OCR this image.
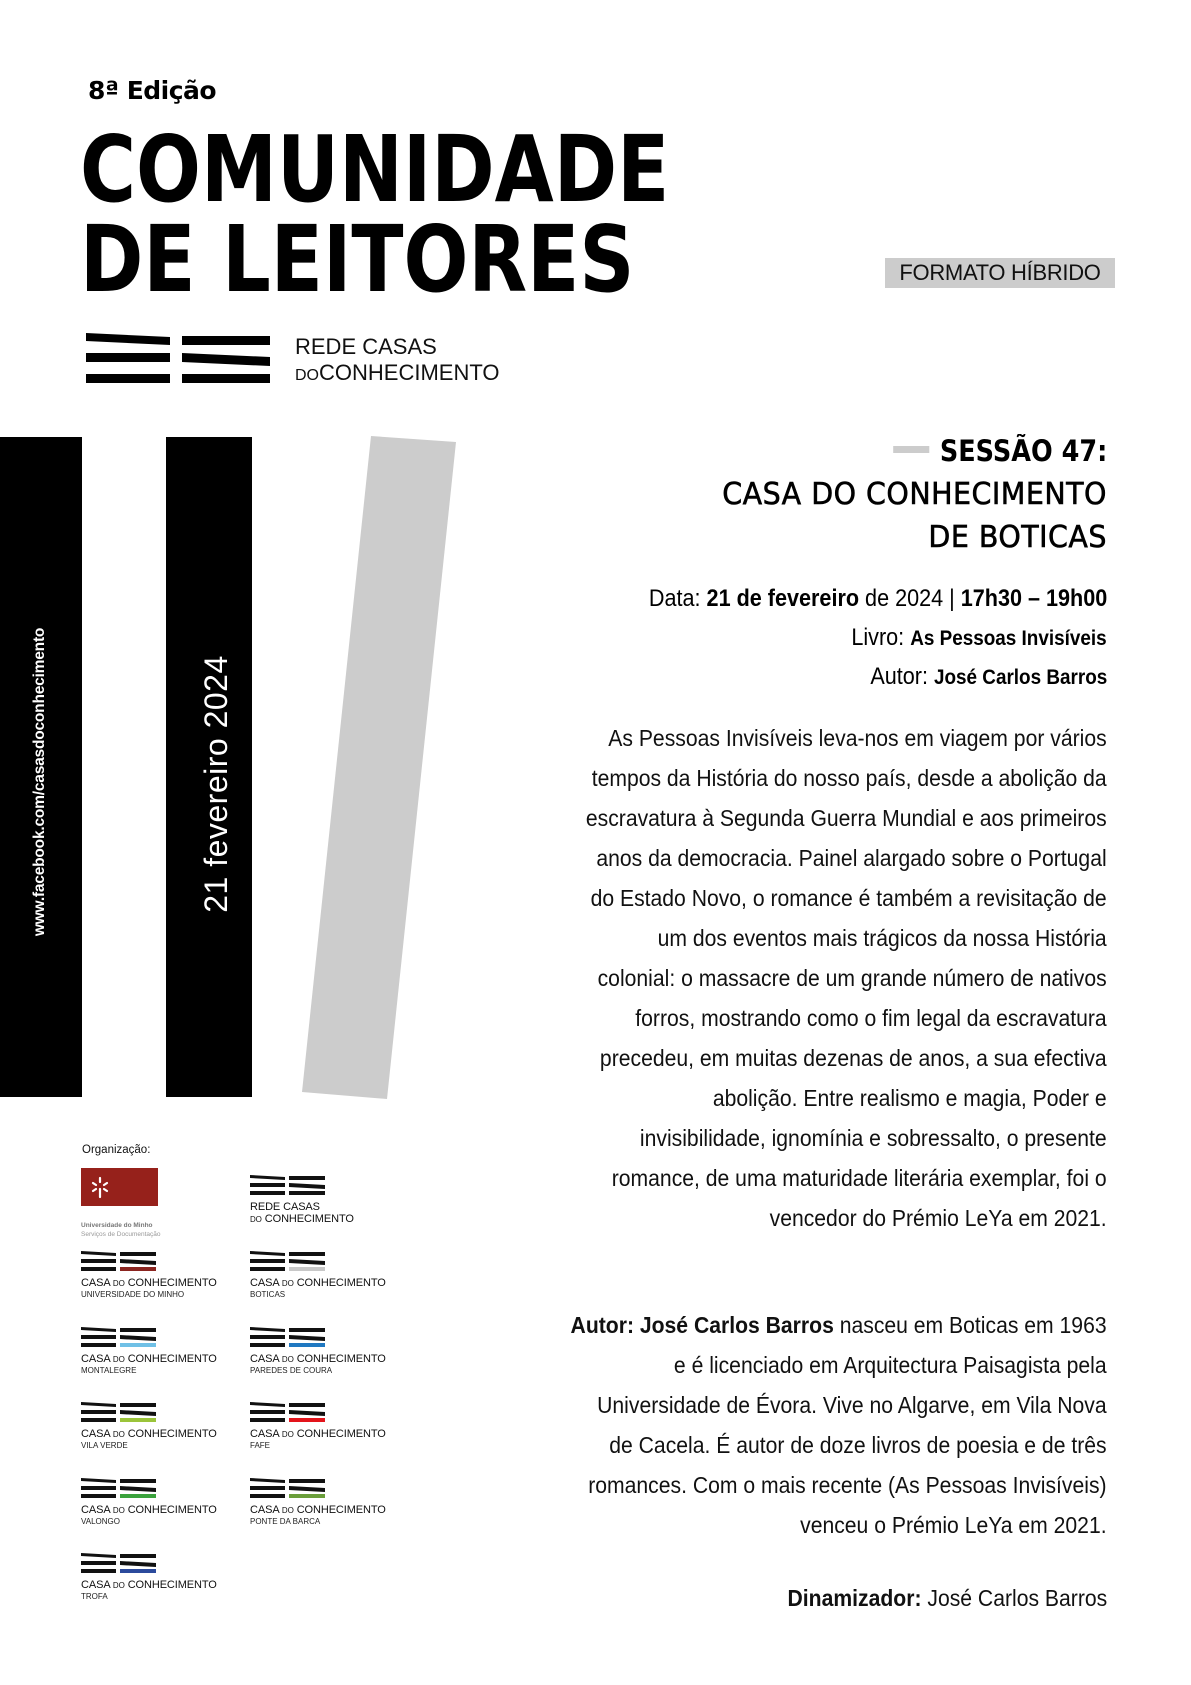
8ª Edição
COMUNIDADE
DE LEITORES	FORMATO HÍBRIDO
REDE CASAS
DOCONHECIMENTO
www.facebook.com/casasdoconhecimento	21 fevereiro 2024
SESSÃO 47:
CASA DO CONHECIMENTO
DE BOTICAS
Data: 21 de fevereiro de 2024 | 17h30 – 19h00
Livro: As Pessoas Invisíveis
Autor: José Carlos Barros
As Pessoas Invisíveis leva-nos em viagem por vários
tempos da História do nosso país, desde a abolição da
escravatura à Segunda Guerra Mundial e aos primeiros
anos da democracia. Painel alargado sobre o Portugal
do Estado Novo, o romance é também a revisitação de
um dos eventos mais trágicos da nossa História
colonial: o massacre de um grande número de nativos
forros, mostrando como o fim legal da escravatura
precedeu, em muitas dezenas de anos, a sua efectiva
abolição. Entre realismo e magia, Poder e
invisibilidade, ignomínia e sobressalto, o presente
romance, de uma maturidade literária exemplar, foi o
vencedor do Prémio LeYa em 2021.
Autor: José Carlos Barros nasceu em Boticas em 1963
e é licenciado em Arquitectura Paisagista pela
Universidade de Évora. Vive no Algarve, em Vila Nova
de Cacela. É autor de doze livros de poesia e de três
romances. Com o mais recente (As Pessoas Invisíveis)
venceu o Prémio LeYa em 2021.
Dinamizador: José Carlos Barros
Organização:
Universidade do Minho
Serviços de Documentação
REDE CASAS
DO CONHECIMENTO
CASA DO CONHECIMENTO
UNIVERSIDADE DO MINHO
CASA DO CONHECIMENTO
BOTICAS
CASA DO CONHECIMENTO
MONTALEGRE
CASA DO CONHECIMENTO
PAREDES DE COURA
CASA DO CONHECIMENTO
VILA VERDE
CASA DO CONHECIMENTO
FAFE
CASA DO CONHECIMENTO
VALONGO
CASA DO CONHECIMENTO
PONTE DA BARCA
CASA DO CONHECIMENTO
TROFA
